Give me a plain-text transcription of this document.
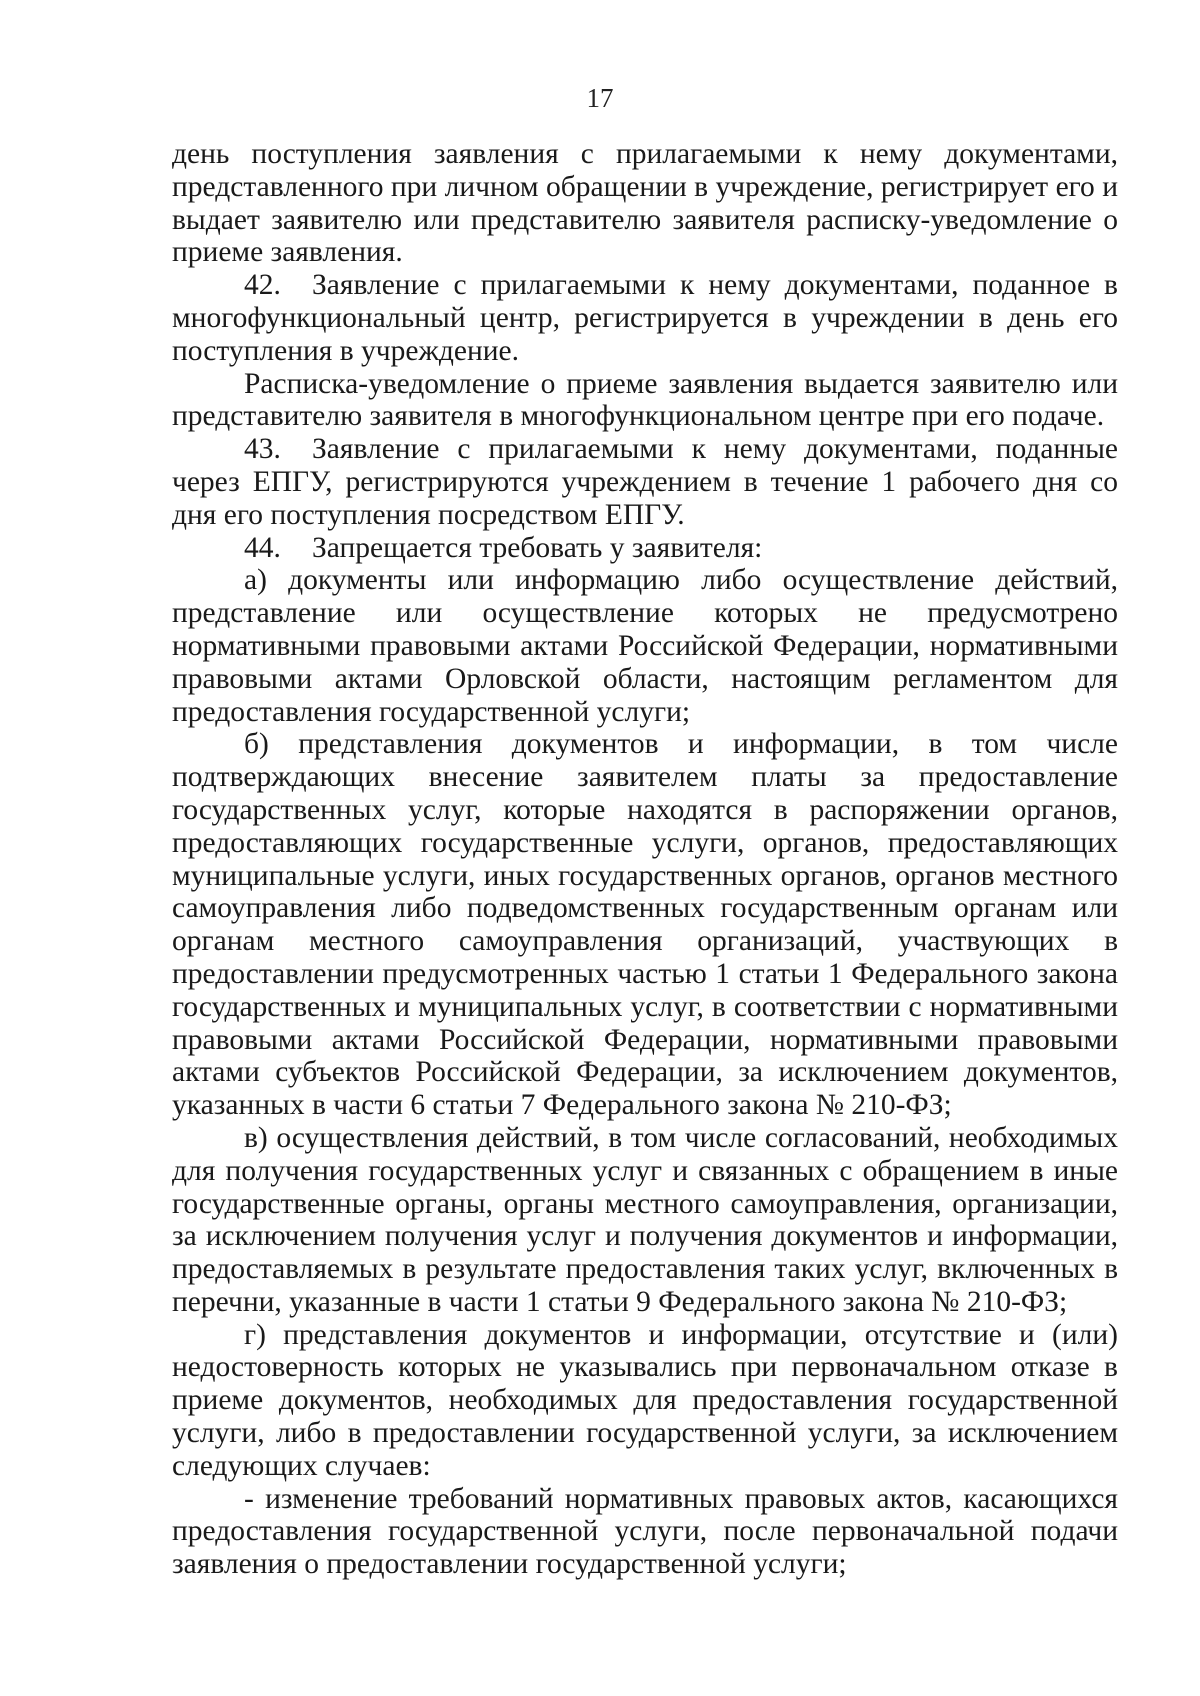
17

день поступления заявления с прилагаемыми к нему документами, представленного при личном обращении в учреждение, регистрирует его и выдает заявителю или представителю заявителя расписку-уведомление о приеме заявления.

42. Заявление с прилагаемыми к нему документами, поданное в многофункциональный центр, регистрируется в учреждении в день его поступления в учреждение.

Расписка-уведомление о приеме заявления выдается заявителю или представителю заявителя в многофункциональном центре при его подаче.

43. Заявление с прилагаемыми к нему документами, поданные через ЕПГУ, регистрируются учреждением в течение 1 рабочего дня со дня его поступления посредством ЕПГУ.

44. Запрещается требовать у заявителя:

а) документы или информацию либо осуществление действий, представление или осуществление которых не предусмотрено нормативными правовыми актами Российской Федерации, нормативными правовыми актами Орловской области, настоящим регламентом для предоставления государственной услуги;

б) представления документов и информации, в том числе подтверждающих внесение заявителем платы за предоставление государственных услуг, которые находятся в распоряжении органов, предоставляющих государственные услуги, органов, предоставляющих муниципальные услуги, иных государственных органов, органов местного самоуправления либо подведомственных государственным органам или органам местного самоуправления организаций, участвующих в предоставлении предусмотренных частью 1 статьи 1 Федерального закона государственных и муниципальных услуг, в соответствии с нормативными правовыми актами Российской Федерации, нормативными правовыми актами субъектов Российской Федерации, за исключением документов, указанных в части 6 статьи 7 Федерального закона № 210-ФЗ;

в) осуществления действий, в том числе согласований, необходимых для получения государственных услуг и связанных с обращением в иные государственные органы, органы местного самоуправления, организации, за исключением получения услуг и получения документов и информации, предоставляемых в результате предоставления таких услуг, включенных в перечни, указанные в части 1 статьи 9 Федерального закона № 210-ФЗ;

г) представления документов и информации, отсутствие и (или) недостоверность которых не указывались при первоначальном отказе в приеме документов, необходимых для предоставления государственной услуги, либо в предоставлении государственной услуги, за исключением следующих случаев:

- изменение требований нормативных правовых актов, касающихся предоставления государственной услуги, после первоначальной подачи заявления о предоставлении государственной услуги;
